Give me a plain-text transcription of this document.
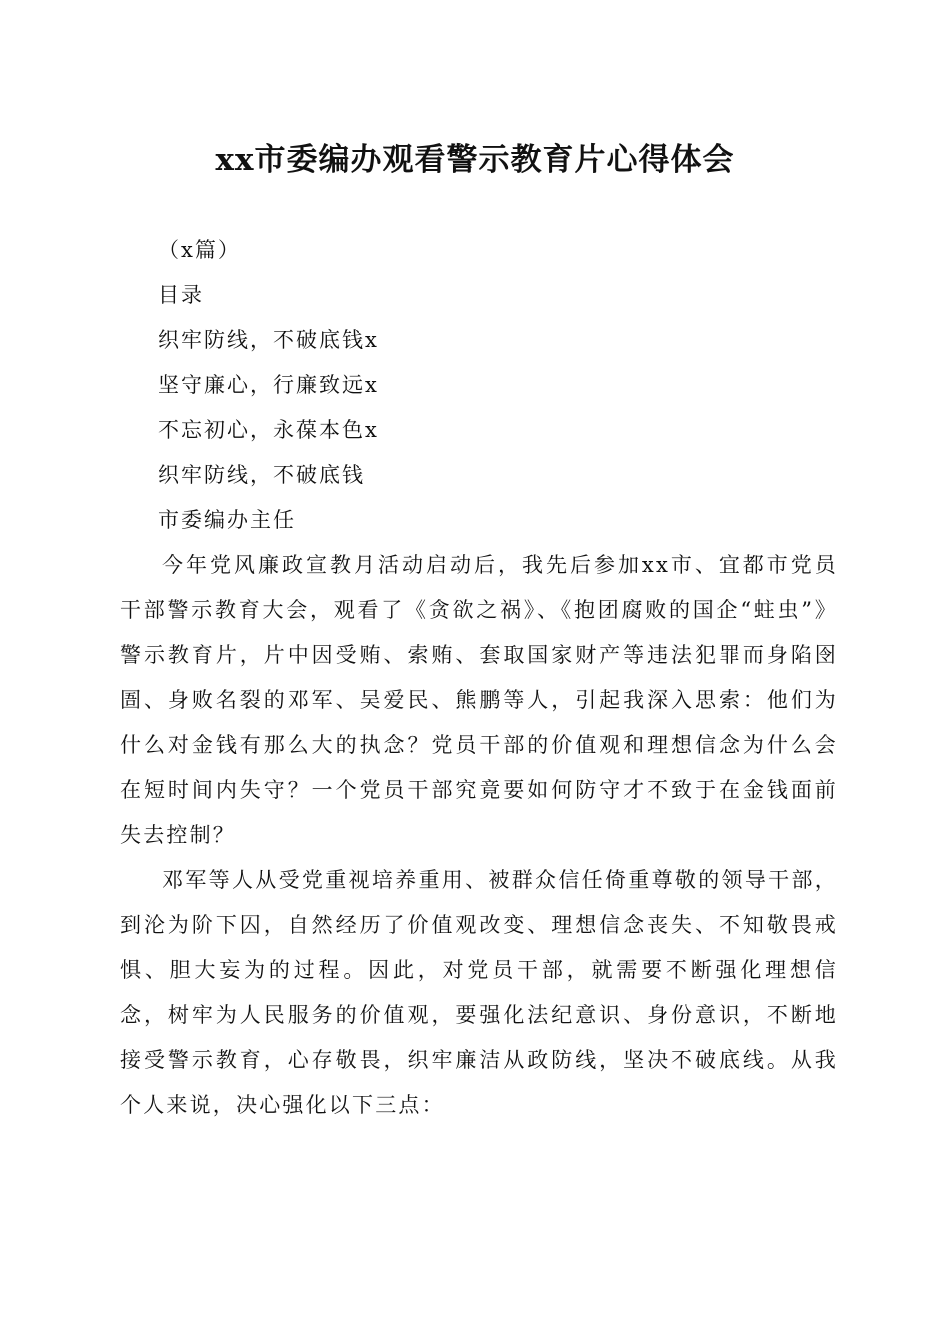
xx市委编办观看警示教育片心得体会
（x篇）
目录
织牢防线，不破底钱x
坚守廉心，行廉致远x
不忘初心，永葆本色x
织牢防线，不破底钱
市委编办主任

今年党风廉政宣教月活动启动后，我先后参加xx市、宜都市党员干部警示教育大会，观看了《贪欲之祸》、《抱团腐败的国企“蛀虫”》警示教育片，片中因受贿、索贿、套取国家财产等违法犯罪而身陷囹圄、身败名裂的邓军、吴爱民、熊鹏等人，引起我深入思索：他们为什么对金钱有那么大的执念？党员干部的价值观和理想信念为什么会在短时间内失守？一个党员干部究竟要如何防守才不致于在金钱面前失去控制？

邓军等人从受党重视培养重用、被群众信任倚重尊敬的领导干部，到沦为阶下囚，自然经历了价值观改变、理想信念丧失、不知敬畏戒惧、胆大妄为的过程。因此，对党员干部，就需要不断强化理想信念，树牢为人民服务的价值观，要强化法纪意识、身份意识，不断地接受警示教育，心存敬畏，织牢廉洁从政防线，坚决不破底线。从我个人来说，决心强化以下三点：
